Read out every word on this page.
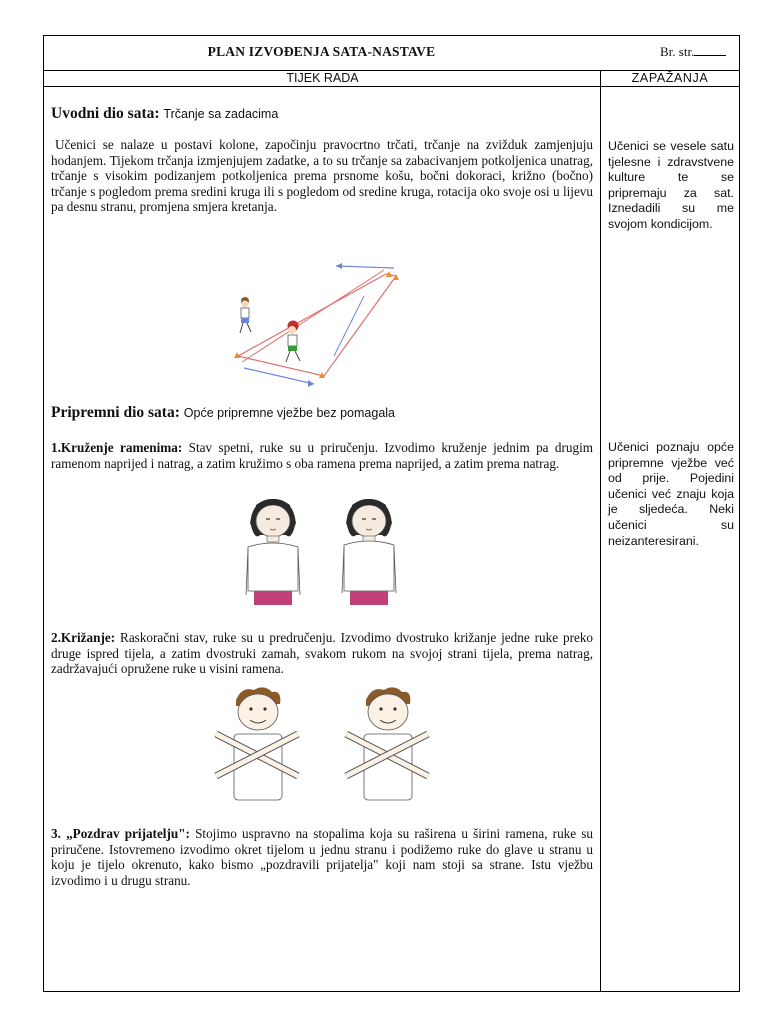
PLAN IZVOĐENJA SATA-NASTAVE	Br. str.
TIJEK RADA	ZAPAŽANJA
Uvodni dio sata: Trčanje sa zadacima
Učenici se nalaze u postavi kolone, započinju pravocrtno trčati, trčanje na zvižduk zamjenjuju hodanjem. Tijekom trčanja izmjenjujem zadatke, a to su trčanje sa zabacivanjem potkoljenica unatrag, trčanje s visokim podizanjem potkoljenica prema prsnome košu, bočni dokoraci, križno (bočno) trčanje s pogledom prema sredini kruga ili s pogledom od sredine kruga, rotacija oko svoje osi u lijevu pa desnu stranu, promjena smjera kretanja.
Učenici se vesele satu tjelesne i zdravstvene kulture te se pripremaju za sat. Iznedadili su me svojom kondicijom.
Pripremni dio sata: Opće pripremne vježbe bez pomagala
Učenici poznaju opće pripremne vježbe već od prije. Pojedini učenici već znaju koja je sljedeća. Neki učenici su neizanteresirani.
1.Kruženje ramenima: Stav spetni, ruke su u priručenju. Izvodimo kruženje jednim pa drugim ramenom naprijed i natrag, a zatim kružimo s oba ramena prema naprijed, a zatim prema natrag.
2.Križanje: Raskoračni stav, ruke su u predručenju. Izvodimo dvostruko križanje jedne ruke preko druge ispred tijela, a zatim dvostruki zamah, svakom rukom na svojoj strani tijela, prema natrag, zadržavajući opružene ruke u visini ramena.
3. „Pozdrav prijatelju": Stojimo uspravno na stopalima koja su raširena u širini ramena, ruke su priručene. Istovremeno izvodimo okret tijelom u jednu stranu i podižemo ruke do glave u stranu u koju je tijelo okrenuto, kako bismo „pozdravili prijatelja" koji nam stoji sa strane. Istu vježbu izvodimo i u drugu stranu.
